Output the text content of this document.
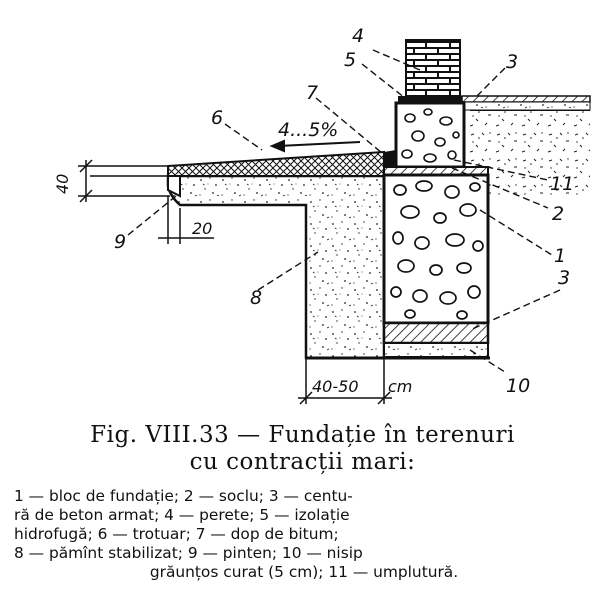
4
5	3
7
6
11
2
1
3
10
8
9
4...5%
40
20
40-50 cm
Fig. VIII.33 — Fundație în terenuri
cu contracții mari:
1 — bloc de fundație; 2 — soclu; 3 — centu-
ră de beton armat; 4 — perete; 5 — izolație
hidrofugă; 6 — trotuar; 7 — dop de bitum;
8 — pămînt stabilizat; 9 — pinten; 10 — nisip
grăunțos curat (5 cm); 11 — umplutură.
